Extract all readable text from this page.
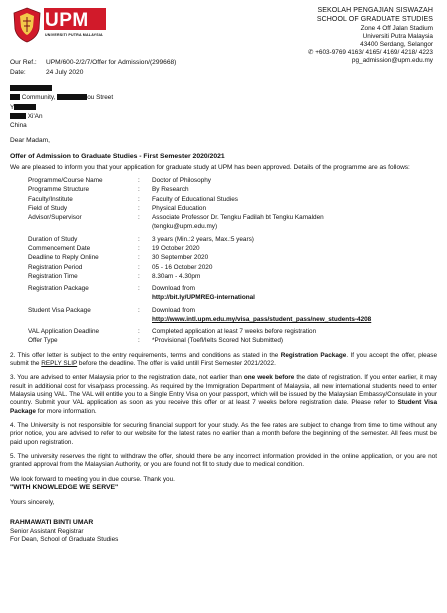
UPM
UNIVERSITI PUTRA MALAYSIA
SEKOLAH PENGAJIAN SISWAZAH
SCHOOL OF GRADUATE STUDIES
Zone 4 Off Jalan Stadium
Universiti Putra Malaysia
43400 Serdang, Selangor
✆ +603-9769 4163/ 4165/ 4169/ 4218/ 4223
pg_admission@upm.edu.my
Our Ref.: UPM/600-2/2/7/Offer for Admission/(299668)
Date:	24 July 2020
Community,	ou Street
Y
Xi'An
China
Dear Madam,
Offer of Admission to Graduate Studies - First Semester 2020/2021
We are pleased to inform you that your application for graduate study at UPM has been approved. Details of the programme are as follows:
Programme/Course Name	:	Doctor of Philosophy

Programme Structure	:	By Research

Faculty/Institute	:	Faculty of Educational Studies

Field of Study	:	Physical Education

Advisor/Supervisor	:	Associate Professor Dr. Tengku Fadilah bt Tengku Kamalden
(tengku@upm.edu.my)

Duration of Study	:	3 years (Min.:2 years, Max.:5 years)

Commencement Date	:	19 October 2020

Deadline to Reply Online	:	30 September 2020

Registration Period	:	05 - 16 October 2020

Registration Time	:	8.30am - 4.30pm

Registration Package	:	Download from
http://bit.ly/UPMREG-international

Student Visa Package	:	Download from
http://www.intl.upm.edu.my/visa_pass/student_pass/new_students-4208

VAL Application Deadline	:	Completed application at least 7 weeks before registration

Offer Type	:	*Provisional (Toefl/Ielts Scored Not Submitted)
2. This offer letter is subject to the entry requirements, terms and conditions as stated in the Registration Package. If you accept the offer, please submit the REPLY SLIP before the deadline. The offer is valid untill First Semester 2021/2022.
3. You are advised to enter Malaysia prior to the registration date, not earlier than one week before the date of registration. If you enter earlier, it may result in additional cost for visa/pass processing. As required by the Immigration Department of Malaysia, all new international students need to enter Malaysia using VAL. The VAL will entitle you to a Single Entry Visa on your passport, which will be issued by the Malaysian Embassy/Consulate in your country. Submit your VAL application as soon as you receive this offer or at least 7 weeks before registration date. Please refer to Student Visa Package for more information.
4. The University is not responsible for securing financial support for your study. As the fee rates are subject to change from time to time without any prior notice, you are advised to refer to our website for the latest rates no earlier than a month before the beginning of the semester. All fees must be paid upon registration.
5. The university reserves the right to withdraw the offer, should there be any incorrect information provided in the online application, or you are not granted approval from the Malaysian Authority, or you are found not fit to study due to medical condition.
We look forward to meeting you in due course. Thank you.
"WITH KNOWLEDGE WE SERVE"
Yours sincerely,
RAHMAWATI BINTI UMAR
Senior Assistant Registrar
For Dean, School of Graduate Studies
